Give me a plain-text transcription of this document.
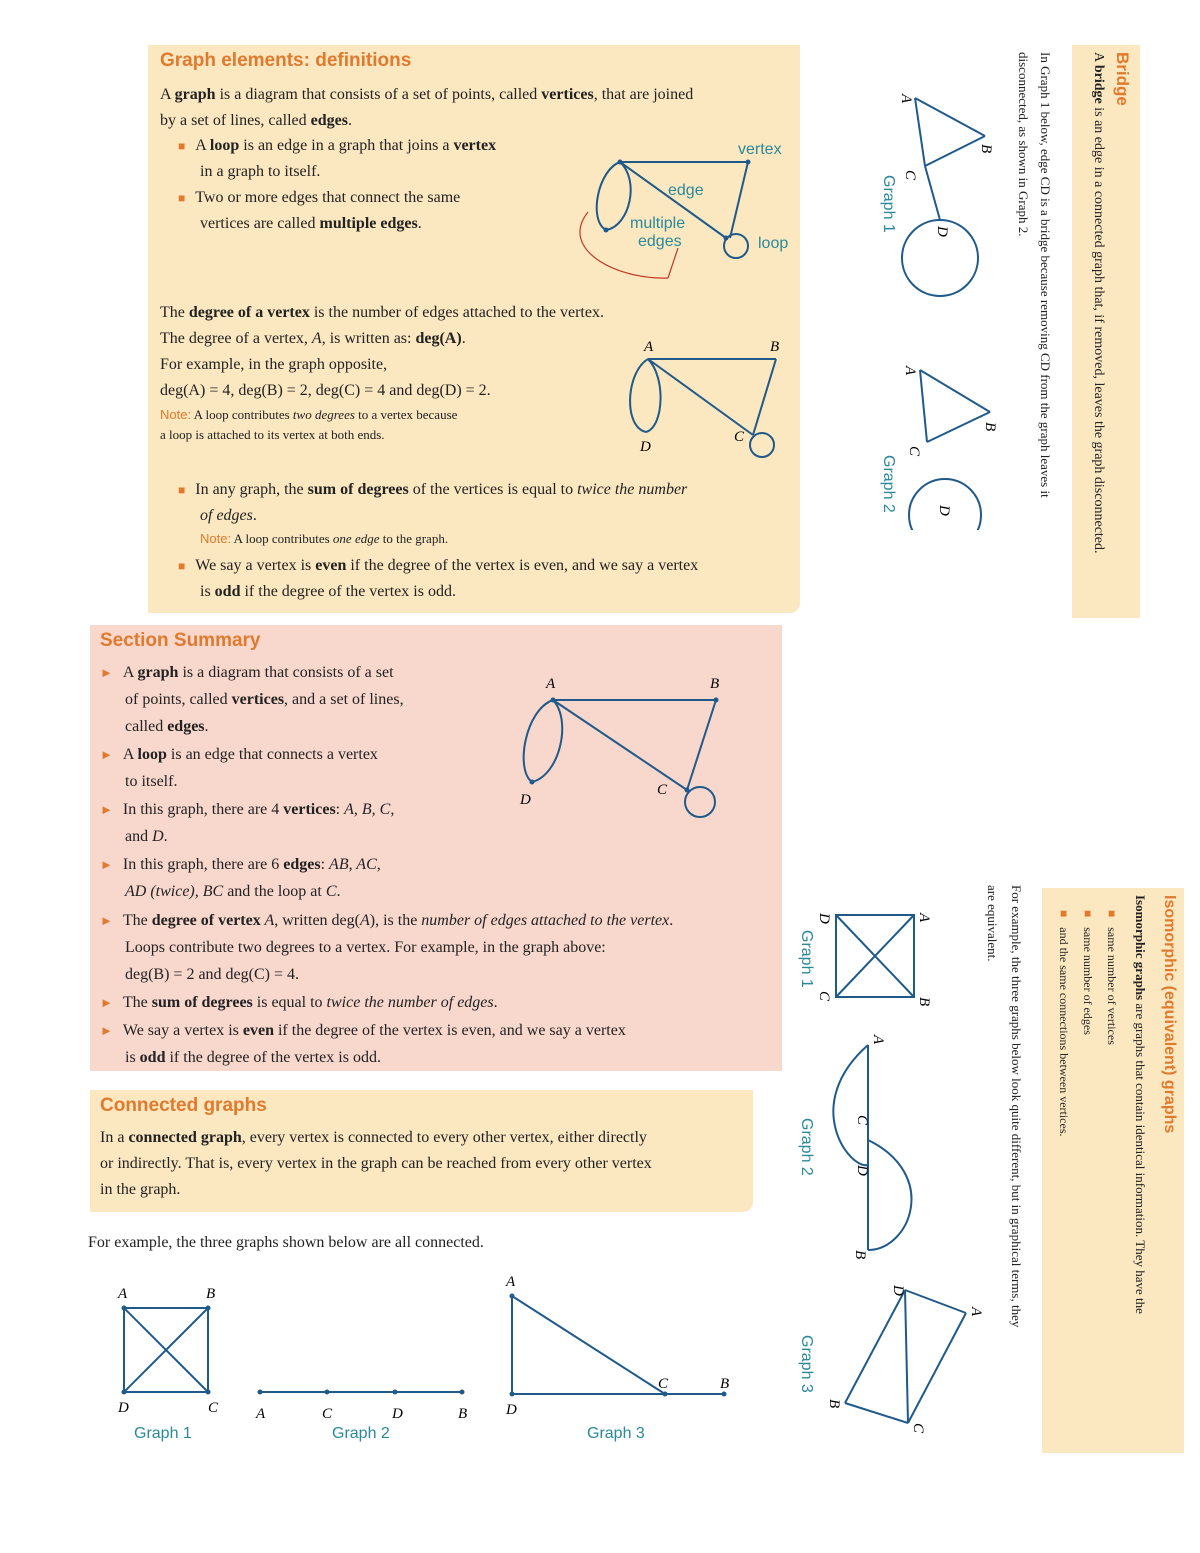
Graph elements: definitions
A graph is a diagram that consists of a set of points, called vertices, that are joined
by a set of lines, called edges.
■ A loop is an edge in a graph that joins a vertex
in a graph to itself.
■ Two or more edges that connect the same
vertices are called multiple edges.
edge
vertex
multiple
edges	loop
The degree of a vertex is the number of edges attached to the vertex.
The degree of a vertex, A, is written as: deg(A).
For example, in the graph opposite,
deg(A) = 4, deg(B) = 2, deg(C) = 4 and deg(D) = 2.
Note: A loop contributes two degrees to a vertex because
a loop is attached to its vertex at both ends.
A	B
C
D
■ In any graph, the sum of degrees of the vertices is equal to twice the number
of edges.
Note: A loop contributes one edge to the graph.
■ We say a vertex is even if the degree of the vertex is even, and we say a vertex
is odd if the degree of the vertex is odd.
Section Summary
► A graph is a diagram that consists of a set
of points, called vertices, and a set of lines,
called edges.
► A loop is an edge that connects a vertex
to itself.
► In this graph, there are 4 vertices: A, B, C,
and D.
► In this graph, there are 6 edges: AB, AC,
AD (twice), BC and the loop at C.
► The degree of vertex A, written deg(A), is the number of edges attached to the vertex.
Loops contribute two degrees to a vertex. For example, in the graph above:
deg(B) = 2 and deg(C) = 4.
► The sum of degrees is equal to twice the number of edges.
► We say a vertex is even if the degree of the vertex is even, and we say a vertex
is odd if the degree of the vertex is odd.
A	B
C
D
Connected graphs
In a connected graph, every vertex is connected to every other vertex, either directly
or indirectly. That is, every vertex in the graph can be reached from every other vertex
in the graph.
For example, the three graphs shown below are all connected.
A	B
C
D
Graph 1
A	C	D	B
Graph 2
A
C	B
D
Graph 3
Bridge
A bridge is an edge in a connected graph that, if removed, leaves the graph disconnected.
In Graph 1 below, edge CD is a bridge because removing CD from the graph leaves it
disconnected, as shown in Graph 2.
A
B
C
D
Graph 1
A
B
C
D
Graph 2
Isomorphic (equivalent) graphs
Isomorphic graphs are graphs that contain identical information. They have the
■same number of vertices
■same number of edges
■and the same connections between vertices.
For example, the three graphs below look quite different, but in graphical terms, they
are equivalent.
A
B
C
D
Graph 1
A
C
D
B
Graph 2
A
B
C
D
Graph 3
